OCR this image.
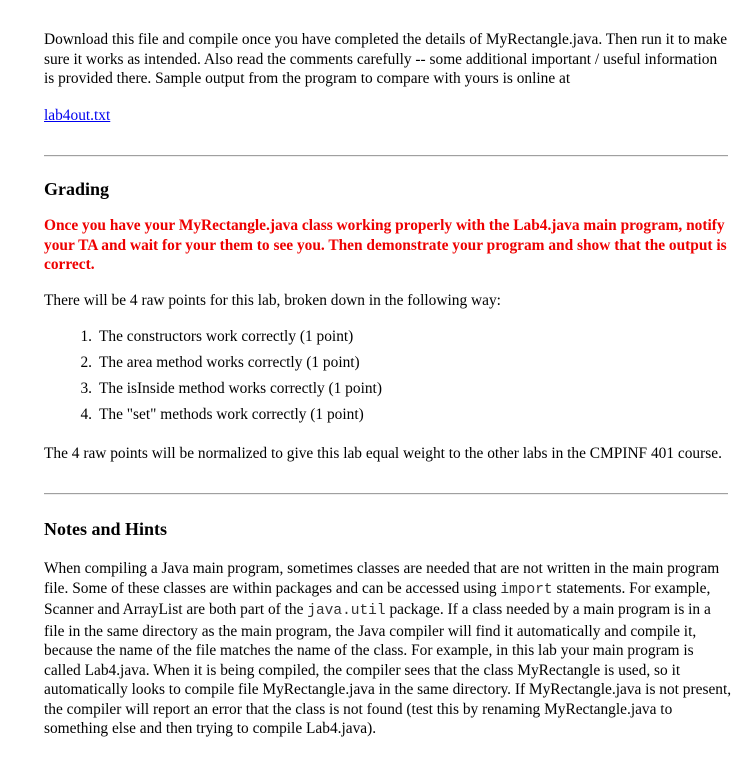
Download this file and compile once you have completed the details of MyRectangle.java. Then run it to make sure it works as intended. Also read the comments carefully -- some additional important / useful information is provided there. Sample output from the program to compare with yours is online at

lab4out.txt
Grading

Once you have your MyRectangle.java class working properly with the Lab4.java main program, notify your TA and wait for your them to see you. Then demonstrate your program and show that the output is correct.

There will be 4 raw points for this lab, broken down in the following way:

1. The constructors work correctly (1 point)
2. The area method works correctly (1 point)
3. The isInside method works correctly (1 point)
4. The "set" methods work correctly (1 point)

The 4 raw points will be normalized to give this lab equal weight to the other labs in the CMPINF 401 course.

Notes and Hints

When compiling a Java main program, sometimes classes are needed that are not written in the main program file. Some of these classes are within packages and can be accessed using import statements. For example, Scanner and ArrayList are both part of the java.util package. If a class needed by a main program is in a file in the same directory as the main program, the Java compiler will find it automatically and compile it, because the name of the file matches the name of the class. For example, in this lab your main program is called Lab4.java. When it is being compiled, the compiler sees that the class MyRectangle is used, so it automatically looks to compile file MyRectangle.java in the same directory. If MyRectangle.java is not present, the compiler will report an error that the class is not found (test this by renaming MyRectangle.java to something else and then trying to compile Lab4.java).
